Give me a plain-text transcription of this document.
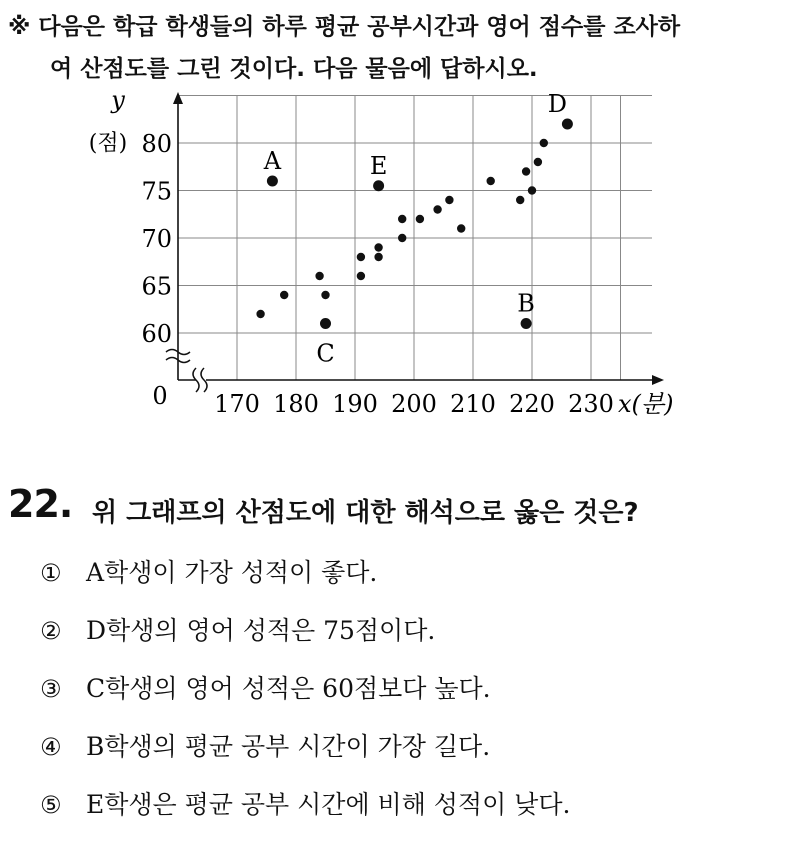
※ 다음은 학급 학생들의 하루 평균 공부시간과 영어 점수를 조사하
여 산점도를 그린 것이다. 다음 물음에 답하시오.
170 180 190 200 210 220 230
60
65
70
75
80
0
y
(점)
x(분)
A	E
C
B
D
22. 위 그래프의 산점도에 대한 해석으로 옳은 것은?
① A학생이 가장 성적이 좋다.
② D학생의 영어 성적은 75점이다.
③ C학생의 영어 성적은 60점보다 높다.
④ B학생의 평균 공부 시간이 가장 길다.
⑤ E학생은 평균 공부 시간에 비해 성적이 낮다.
